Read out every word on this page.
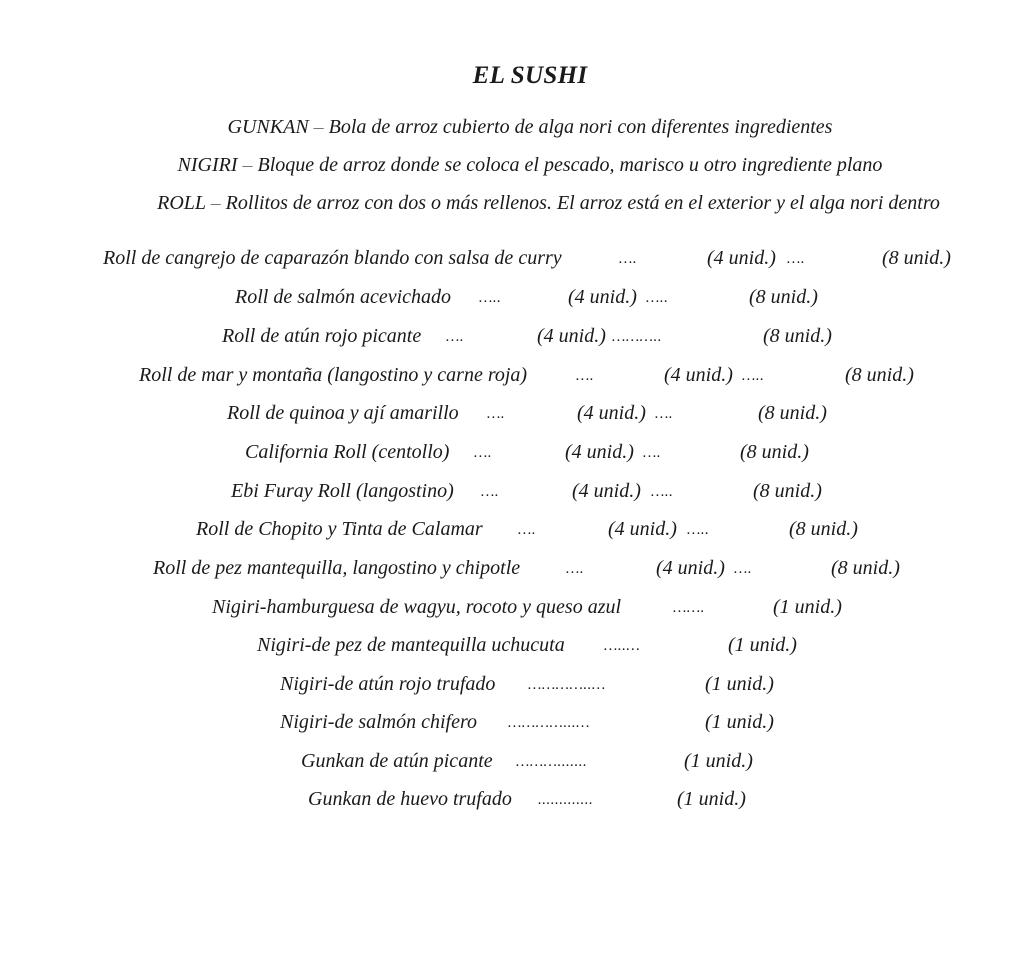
EL SUSHI
GUNKAN – Bola de arroz cubierto de alga nori con diferentes ingredientes
NIGIRI – Bloque de arroz donde se coloca el pescado, marisco u otro ingrediente plano
ROLL – Rollitos de arroz con dos o más rellenos. El arroz está en el exterior y el alga nori dentro
Roll de cangrejo de caparazón blando con salsa de curry	….	(4 unid.) ….	(8 unid.)
Roll de salmón acevichado …..	(4 unid.) …..	(8 unid.)
Roll de atún rojo picante ….	(4 unid.) ………..	(8 unid.)
Roll de mar y montaña (langostino y carne roja)	….	(4 unid.) …..	(8 unid.)
Roll de quinoa y ají amarillo ….	(4 unid.) ….	(8 unid.)
California Roll (centollo) ….	(4 unid.) ….	(8 unid.)
Ebi Furay Roll (langostino) ….	(4 unid.) …..	(8 unid.)
Roll de Chopito y Tinta de Calamar ….	(4 unid.) …..	(8 unid.)
Roll de pez mantequilla, langostino y chipotle	….	(4 unid.) ….	(8 unid.)
Nigiri-hamburguesa de wagyu, rocoto y queso azul	…….	(1 unid.)
Nigiri-de pez de mantequilla uchucuta	…..…	(1 unid.)
Nigiri-de atún rojo trufado …………..…	(1 unid.)
Nigiri-de salmón chifero …………...…	(1 unid.)
Gunkan de atún picante ……….......	(1 unid.)
Gunkan de huevo trufado .............	(1 unid.)
